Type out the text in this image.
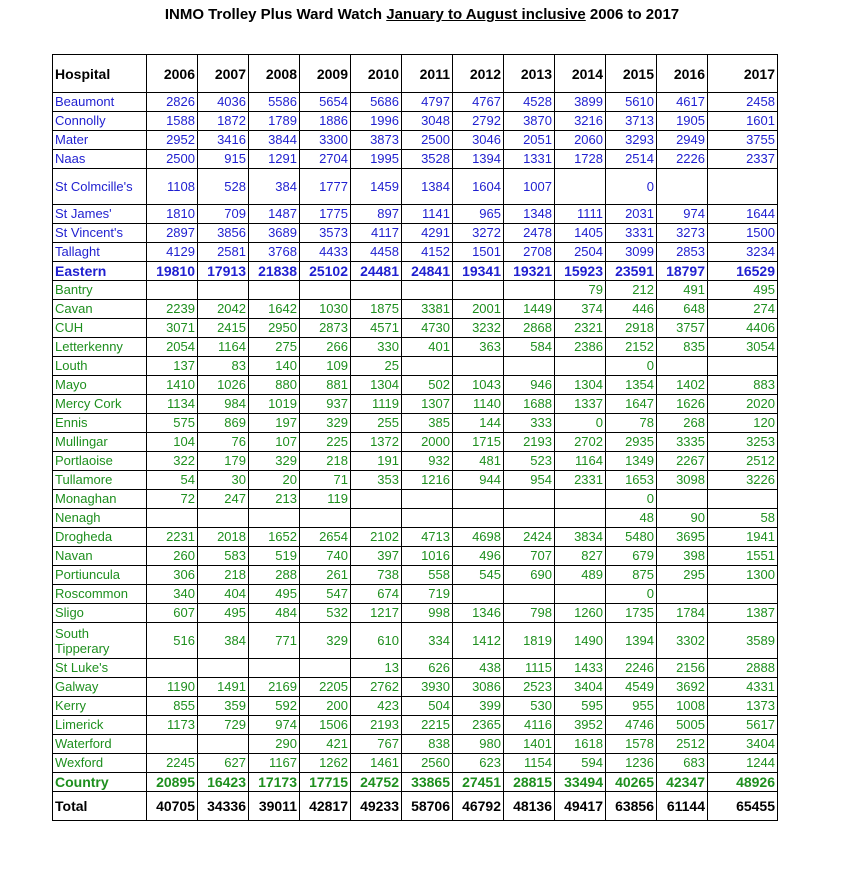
INMO Trolley Plus Ward Watch January to August inclusive 2006 to 2017
Hospital	2006	2007	2008	2009	2010	2011	2012	2013	2014	2015	2016	2017
Beaumont	2826	4036	5586	5654	5686	4797	4767	4528	3899	5610	4617	2458
Connolly	1588	1872	1789	1886	1996	3048	2792	3870	3216	3713	1905	1601
Mater	2952	3416	3844	3300	3873	2500	3046	2051	2060	3293	2949	3755
Naas	2500	915	1291	2704	1995	3528	1394	1331	1728	2514	2226	2337
St Colmcille's	1108	528	384	1777	1459	1384	1604	1007		0		
St James'	1810	709	1487	1775	897	1141	965	1348	1111	2031	974	1644
St Vincent's	2897	3856	3689	3573	4117	4291	3272	2478	1405	3331	3273	1500
Tallaght	4129	2581	3768	4433	4458	4152	1501	2708	2504	3099	2853	3234
Eastern	19810	17913	21838	25102	24481	24841	19341	19321	15923	23591	18797	16529
Bantry									79	212	491	495
Cavan	2239	2042	1642	1030	1875	3381	2001	1449	374	446	648	274
CUH	3071	2415	2950	2873	4571	4730	3232	2868	2321	2918	3757	4406
Letterkenny	2054	1164	275	266	330	401	363	584	2386	2152	835	3054
Louth	137	83	140	109	25					0		
Mayo	1410	1026	880	881	1304	502	1043	946	1304	1354	1402	883
Mercy Cork	1134	984	1019	937	1119	1307	1140	1688	1337	1647	1626	2020
Ennis	575	869	197	329	255	385	144	333	0	78	268	120
Mullingar	104	76	107	225	1372	2000	1715	2193	2702	2935	3335	3253
Portlaoise	322	179	329	218	191	932	481	523	1164	1349	2267	2512
Tullamore	54	30	20	71	353	1216	944	954	2331	1653	3098	3226
Monaghan	72	247	213	119						0		
Nenagh										48	90	58
Drogheda	2231	2018	1652	2654	2102	4713	4698	2424	3834	5480	3695	1941
Navan	260	583	519	740	397	1016	496	707	827	679	398	1551
Portiuncula	306	218	288	261	738	558	545	690	489	875	295	1300
Roscommon	340	404	495	547	674	719				0		
Sligo	607	495	484	532	1217	998	1346	798	1260	1735	1784	1387
South Tipperary	516	384	771	329	610	334	1412	1819	1490	1394	3302	3589
St Luke's					13	626	438	1115	1433	2246	2156	2888
Galway	1190	1491	2169	2205	2762	3930	3086	2523	3404	4549	3692	4331
Kerry	855	359	592	200	423	504	399	530	595	955	1008	1373
Limerick	1173	729	974	1506	2193	2215	2365	4116	3952	4746	5005	5617
Waterford			290	421	767	838	980	1401	1618	1578	2512	3404
Wexford	2245	627	1167	1262	1461	2560	623	1154	594	1236	683	1244
Country	20895	16423	17173	17715	24752	33865	27451	28815	33494	40265	42347	48926
Total	40705	34336	39011	42817	49233	58706	46792	48136	49417	63856	61144	65455
